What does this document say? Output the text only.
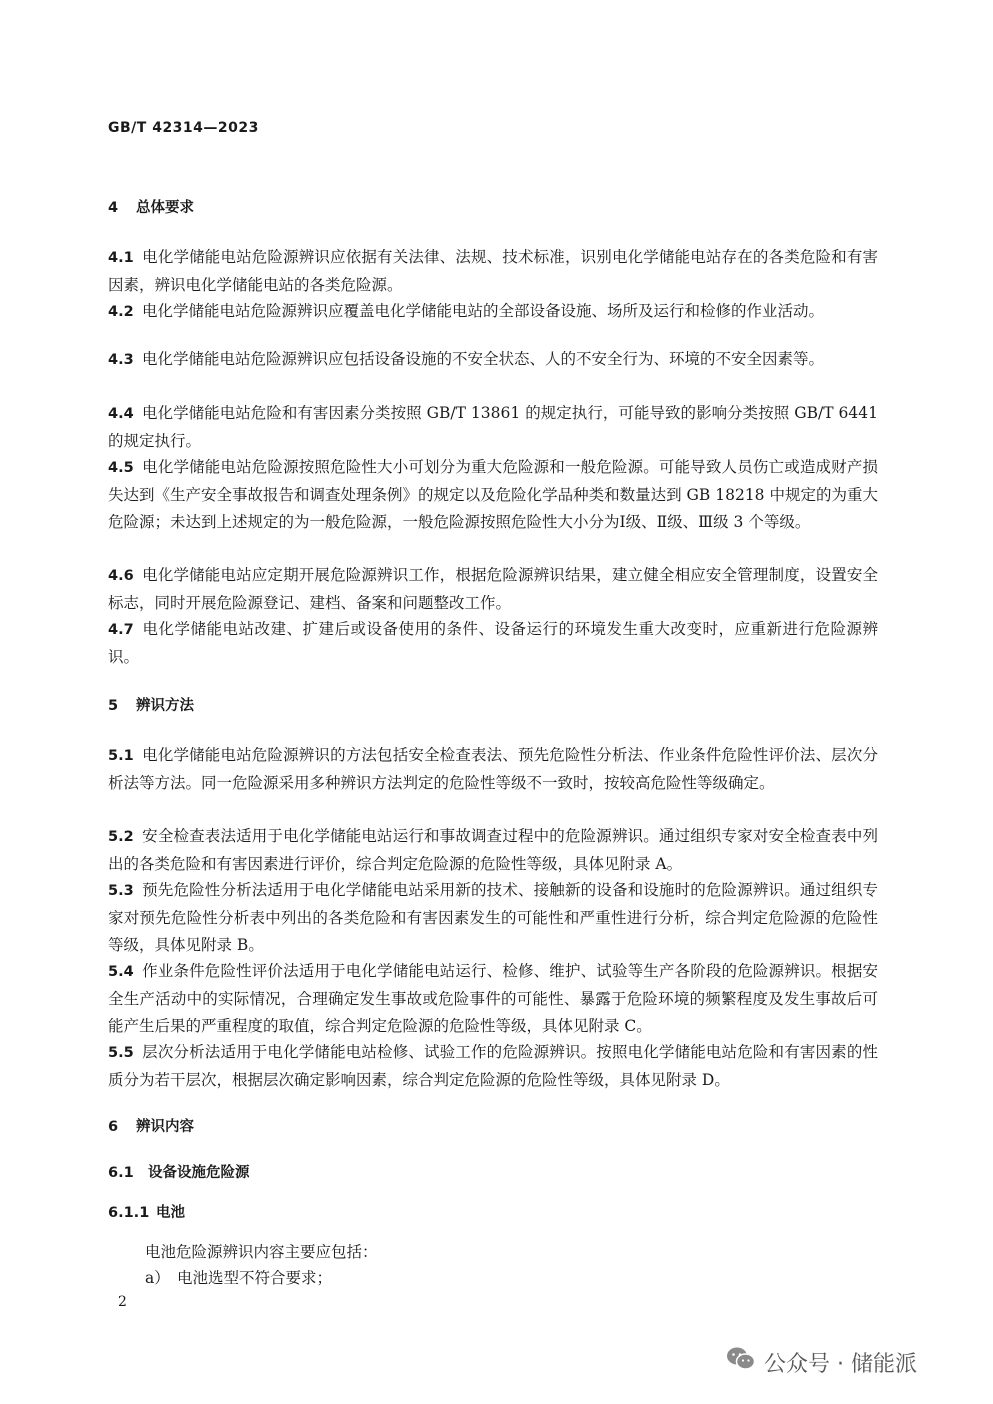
GB/T 42314—2023
4 总体要求
4.1 电化学储能电站危险源辨识应依据有关法律、法规、技术标准，识别电化学储能电站存在的各类危险和有害因素，辨识电化学储能电站的各类危险源。
4.2 电化学储能电站危险源辨识应覆盖电化学储能电站的全部设备设施、场所及运行和检修的作业活动。
4.3 电化学储能电站危险源辨识应包括设备设施的不安全状态、人的不安全行为、环境的不安全因素等。
4.4 电化学储能电站危险和有害因素分类按照 GB/T 13861 的规定执行，可能导致的影响分类按照 GB/T 6441 的规定执行。
4.5 电化学储能电站危险源按照危险性大小可划分为重大危险源和一般危险源。可能导致人员伤亡或造成财产损失达到《生产安全事故报告和调查处理条例》的规定以及危险化学品种类和数量达到 GB 18218 中规定的为重大危险源；未达到上述规定的为一般危险源，一般危险源按照危险性大小分为Ⅰ级、Ⅱ级、Ⅲ级 3 个等级。
4.6 电化学储能电站应定期开展危险源辨识工作，根据危险源辨识结果，建立健全相应安全管理制度，设置安全标志，同时开展危险源登记、建档、备案和问题整改工作。
4.7 电化学储能电站改建、扩建后或设备使用的条件、设备运行的环境发生重大改变时，应重新进行危险源辨识。
5 辨识方法
5.1 电化学储能电站危险源辨识的方法包括安全检查表法、预先危险性分析法、作业条件危险性评价法、层次分析法等方法。同一危险源采用多种辨识方法判定的危险性等级不一致时，按较高危险性等级确定。
5.2 安全检查表法适用于电化学储能电站运行和事故调查过程中的危险源辨识。通过组织专家对安全检查表中列出的各类危险和有害因素进行评价，综合判定危险源的危险性等级，具体见附录 A。
5.3 预先危险性分析法适用于电化学储能电站采用新的技术、接触新的设备和设施时的危险源辨识。通过组织专家对预先危险性分析表中列出的各类危险和有害因素发生的可能性和严重性进行分析，综合判定危险源的危险性等级，具体见附录 B。
5.4 作业条件危险性评价法适用于电化学储能电站运行、检修、维护、试验等生产各阶段的危险源辨识。根据安全生产活动中的实际情况，合理确定发生事故或危险事件的可能性、暴露于危险环境的频繁程度及发生事故后可能产生后果的严重程度的取值，综合判定危险源的危险性等级，具体见附录 C。
5.5 层次分析法适用于电化学储能电站检修、试验工作的危险源辨识。按照电化学储能电站危险和有害因素的性质分为若干层次，根据层次确定影响因素，综合判定危险源的危险性等级，具体见附录 D。
6 辨识内容
6.1 设备设施危险源
6.1.1 电池
电池危险源辨识内容主要应包括：
a） 电池选型不符合要求；
2
公众号 · 储能派
